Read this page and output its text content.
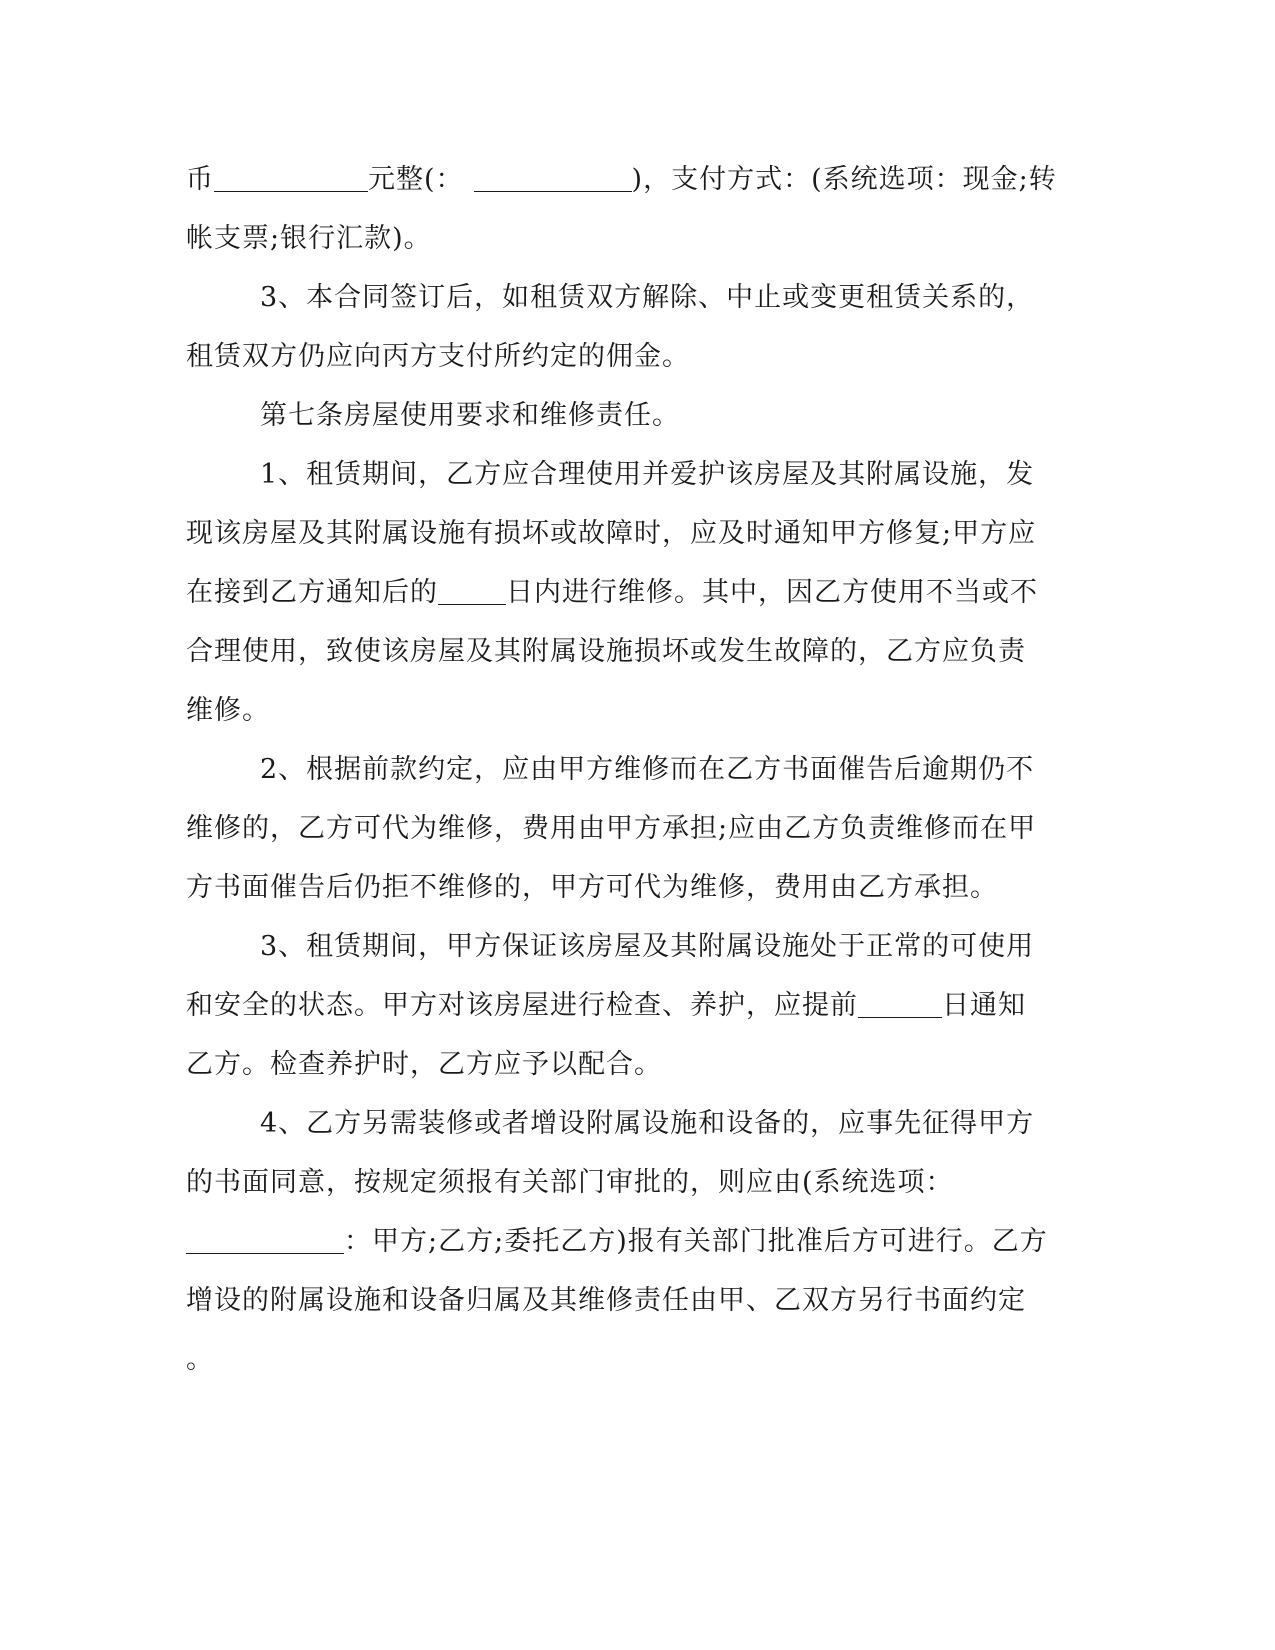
币	元整(：	)，支付方式：(系统选项：现金;转
帐支票;银行汇款)。
3、本合同签订后，如租赁双方解除、中止或变更租赁关系的，
租赁双方仍应向丙方支付所约定的佣金。
第七条房屋使用要求和维修责任。
1、租赁期间，乙方应合理使用并爱护该房屋及其附属设施，发
现该房屋及其附属设施有损坏或故障时，应及时通知甲方修复;甲方应
在接到乙方通知后的	日内进行维修。其中，因乙方使用不当或不
合理使用，致使该房屋及其附属设施损坏或发生故障的，乙方应负责
维修。
2、根据前款约定，应由甲方维修而在乙方书面催告后逾期仍不
维修的，乙方可代为维修，费用由甲方承担;应由乙方负责维修而在甲
方书面催告后仍拒不维修的，甲方可代为维修，费用由乙方承担。
3、租赁期间，甲方保证该房屋及其附属设施处于正常的可使用
和安全的状态。甲方对该房屋进行检查、养护，应提前	日通知
乙方。检查养护时，乙方应予以配合。
4、乙方另需装修或者增设附属设施和设备的，应事先征得甲方
的书面同意，按规定须报有关部门审批的，则应由(系统选项：
：甲方;乙方;委托乙方)报有关部门批准后方可进行。乙方
增设的附属设施和设备归属及其维修责任由甲、乙双方另行书面约定
。
